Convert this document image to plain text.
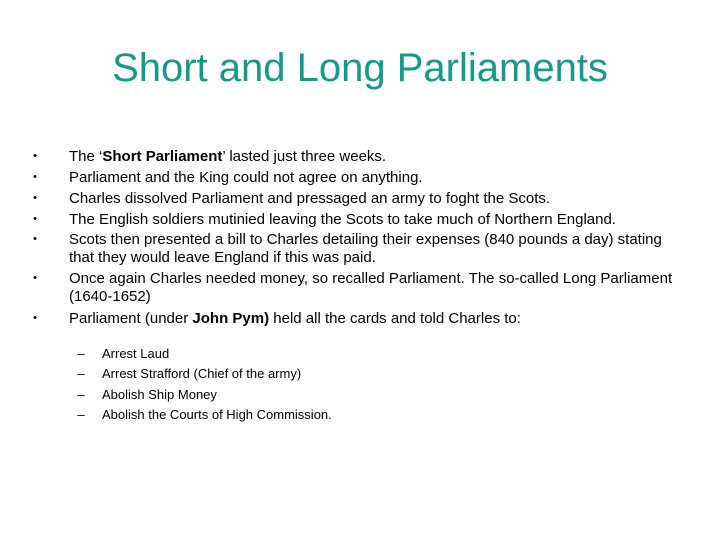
Short and Long Parliaments
•	The ‘Short Parliament’ lasted just three weeks.
•	Parliament and the King could not agree on anything.
•	Charles dissolved Parliament and pressaged an army to foght the Scots.
•	The English soldiers mutinied leaving the Scots to take much of Northern England.
•	Scots then presented a bill to Charles detailing their expenses (840 pounds a day) stating that they would leave England if this was paid.
•	Once again Charles needed money, so recalled Parliament. The so-called Long Parliament (1640-1652)
•	Parliament (under John Pym) held all the cards and told Charles to:
– Arrest Laud
– Arrest Strafford (Chief of the army)
– Abolish Ship Money
– Abolish the Courts of High Commission.
